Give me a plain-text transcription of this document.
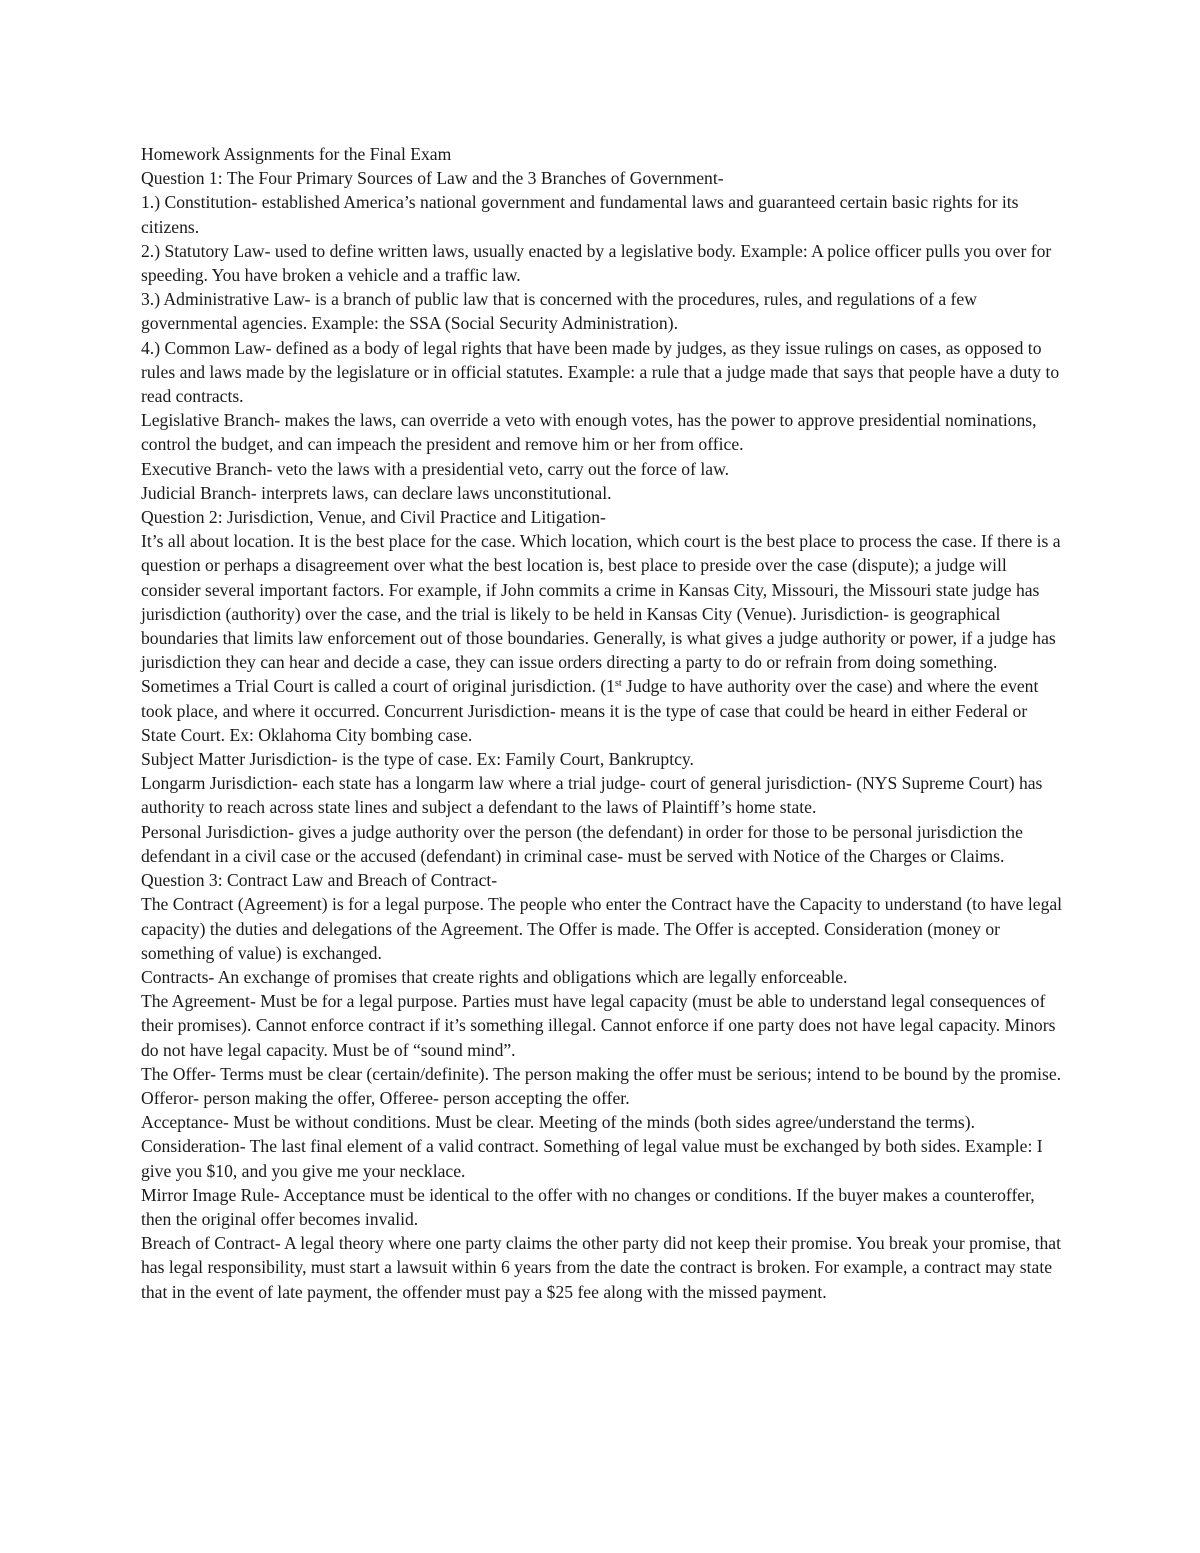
Homework Assignments for the Final Exam

Question 1: The Four Primary Sources of Law and the 3 Branches of Government-

1.) Constitution- established America’s national government and fundamental laws and guaranteed certain basic rights for its citizens.

2.) Statutory Law- used to define written laws, usually enacted by a legislative body. Example: A police officer pulls you over for speeding. You have broken a vehicle and a traffic law.

3.) Administrative Law- is a branch of public law that is concerned with the procedures, rules, and regulations of a few governmental agencies. Example: the SSA (Social Security Administration).

4.) Common Law- defined as a body of legal rights that have been made by judges, as they issue rulings on cases, as opposed to rules and laws made by the legislature or in official statutes. Example: a rule that a judge made that says that people have a duty to read contracts.

Legislative Branch- makes the laws, can override a veto with enough votes, has the power to approve presidential nominations, control the budget, and can impeach the president and remove him or her from office.

Executive Branch- veto the laws with a presidential veto, carry out the force of law.

Judicial Branch- interprets laws, can declare laws unconstitutional.

Question 2: Jurisdiction, Venue, and Civil Practice and Litigation-

It’s all about location. It is the best place for the case. Which location, which court is the best place to process the case. If there is a question or perhaps a disagreement over what the best location is, best place to preside over the case (dispute); a judge will consider several important factors. For example, if John commits a crime in Kansas City, Missouri, the Missouri state judge has jurisdiction (authority) over the case, and the trial is likely to be held in Kansas City (Venue). Jurisdiction- is geographical boundaries that limits law enforcement out of those boundaries. Generally, is what gives a judge authority or power, if a judge has jurisdiction they can hear and decide a case, they can issue orders directing a party to do or refrain from doing something. Sometimes a Trial Court is called a court of original jurisdiction. (1st Judge to have authority over the case) and where the event took place, and where it occurred. Concurrent Jurisdiction- means it is the type of case that could be heard in either Federal or State Court. Ex: Oklahoma City bombing case.

Subject Matter Jurisdiction- is the type of case. Ex: Family Court, Bankruptcy.

Longarm Jurisdiction- each state has a longarm law where a trial judge- court of general jurisdiction- (NYS Supreme Court) has authority to reach across state lines and subject a defendant to the laws of Plaintiff’s home state.

Personal Jurisdiction- gives a judge authority over the person (the defendant) in order for those to be personal jurisdiction the defendant in a civil case or the accused (defendant) in criminal case- must be served with Notice of the Charges or Claims.

Question 3: Contract Law and Breach of Contract-

The Contract (Agreement) is for a legal purpose. The people who enter the Contract have the Capacity to understand (to have legal capacity) the duties and delegations of the Agreement. The Offer is made. The Offer is accepted. Consideration (money or something of value) is exchanged.

Contracts- An exchange of promises that create rights and obligations which are legally enforceable.

The Agreement- Must be for a legal purpose. Parties must have legal capacity (must be able to understand legal consequences of their promises). Cannot enforce contract if it’s something illegal. Cannot enforce if one party does not have legal capacity. Minors do not have legal capacity. Must be of “sound mind”.

The Offer- Terms must be clear (certain/definite). The person making the offer must be serious; intend to be bound by the promise. Offeror- person making the offer, Offeree- person accepting the offer.

Acceptance- Must be without conditions. Must be clear. Meeting of the minds (both sides agree/understand the terms).

Consideration- The last final element of a valid contract. Something of legal value must be exchanged by both sides. Example: I give you $10, and you give me your necklace.

Mirror Image Rule- Acceptance must be identical to the offer with no changes or conditions. If the buyer makes a counteroffer, then the original offer becomes invalid.

Breach of Contract- A legal theory where one party claims the other party did not keep their promise. You break your promise, that has legal responsibility, must start a lawsuit within 6 years from the date the contract is broken. For example, a contract may state that in the event of late payment, the offender must pay a $25 fee along with the missed payment.
